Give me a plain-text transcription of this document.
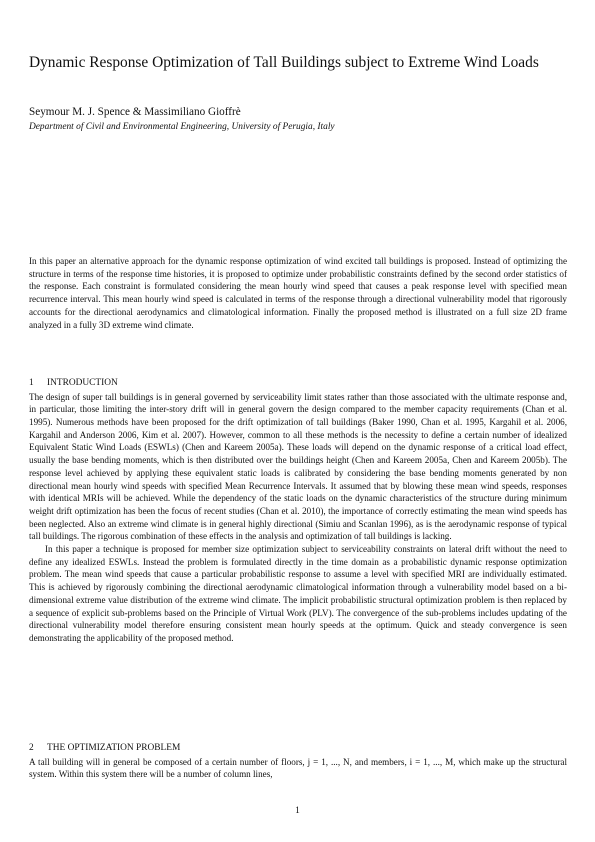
Dynamic Response Optimization of Tall Buildings subject to Extreme Wind Loads
Seymour M. J. Spence & Massimiliano Gioffrè
Department of Civil and Environmental Engineering, University of Perugia, Italy

In this paper an alternative approach for the dynamic response optimization of wind excited tall buildings is proposed. Instead of optimizing the structure in terms of the response time histories, it is proposed to optimize under probabilistic constraints defined by the second order statistics of the response. Each constraint is formulated considering the mean hourly wind speed that causes a peak response level with specified mean recurrence interval. This mean hourly wind speed is calculated in terms of the response through a directional vulnerability model that rigorously accounts for the directional aerodynamics and climatological information. Finally the proposed method is illustrated on a full size 2D frame analyzed in a fully 3D extreme wind climate.

1 INTRODUCTION

The design of super tall buildings is in general governed by serviceability limit states rather than those associated with the ultimate response and, in particular, those limiting the inter-story drift will in general govern the design compared to the member capacity requirements (Chan et al. 1995). Numerous methods have been proposed for the drift optimization of tall buildings (Baker 1990, Chan et al. 1995, Kargahil et al. 2006, Kargahil and Anderson 2006, Kim et al. 2007). However, common to all these methods is the necessity to define a certain number of idealized Equivalent Static Wind Loads (ESWLs) (Chen and Kareem 2005a). These loads will depend on the dynamic response of a critical load effect, usually the base bending moments, which is then distributed over the buildings height (Chen and Kareem 2005a, Chen and Kareem 2005b). The response level achieved by applying these equivalent static loads is calibrated by considering the base bending moments generated by non directional mean hourly wind speeds with specified Mean Recurrence Intervals. It assumed that by blowing these mean wind speeds, responses with identical MRIs will be achieved. While the dependency of the static loads on the dynamic characteristics of the structure during minimum weight drift optimization has been the focus of recent studies (Chan et al. 2010), the importance of correctly estimating the mean wind speeds has been neglected. Also an extreme wind climate is in general highly directional (Simiu and Scanlan 1996), as is the aerodynamic response of typical tall buildings. The rigorous combination of these effects in the analysis and optimization of tall buildings is lacking.

In this paper a technique is proposed for member size optimization subject to serviceability constraints on lateral drift without the need to define any idealized ESWLs. Instead the problem is formulated directly in the time domain as a probabilistic dynamic response optimization problem. The mean wind speeds that cause a particular probabilistic response to assume a level with specified MRI are individually estimated. This is achieved by rigorously combining the directional aerodynamic climatological information through a vulnerability model based on a bi-dimensional extreme value distribution of the extreme wind climate. The implicit probabilistic structural optimization problem is then replaced by a sequence of explicit sub-problems based on the Principle of Virtual Work (PLV). The convergence of the sub-problems includes updating of the directional vulnerability model therefore ensuring consistent mean hourly speeds at the optimum. Quick and steady convergence is seen demonstrating the applicability of the proposed method.

2 THE OPTIMIZATION PROBLEM

A tall building will in general be composed of a certain number of floors, j = 1, ..., N, and members, i = 1, ..., M, which make up the structural system. Within this system there will be a number of column lines,

1
